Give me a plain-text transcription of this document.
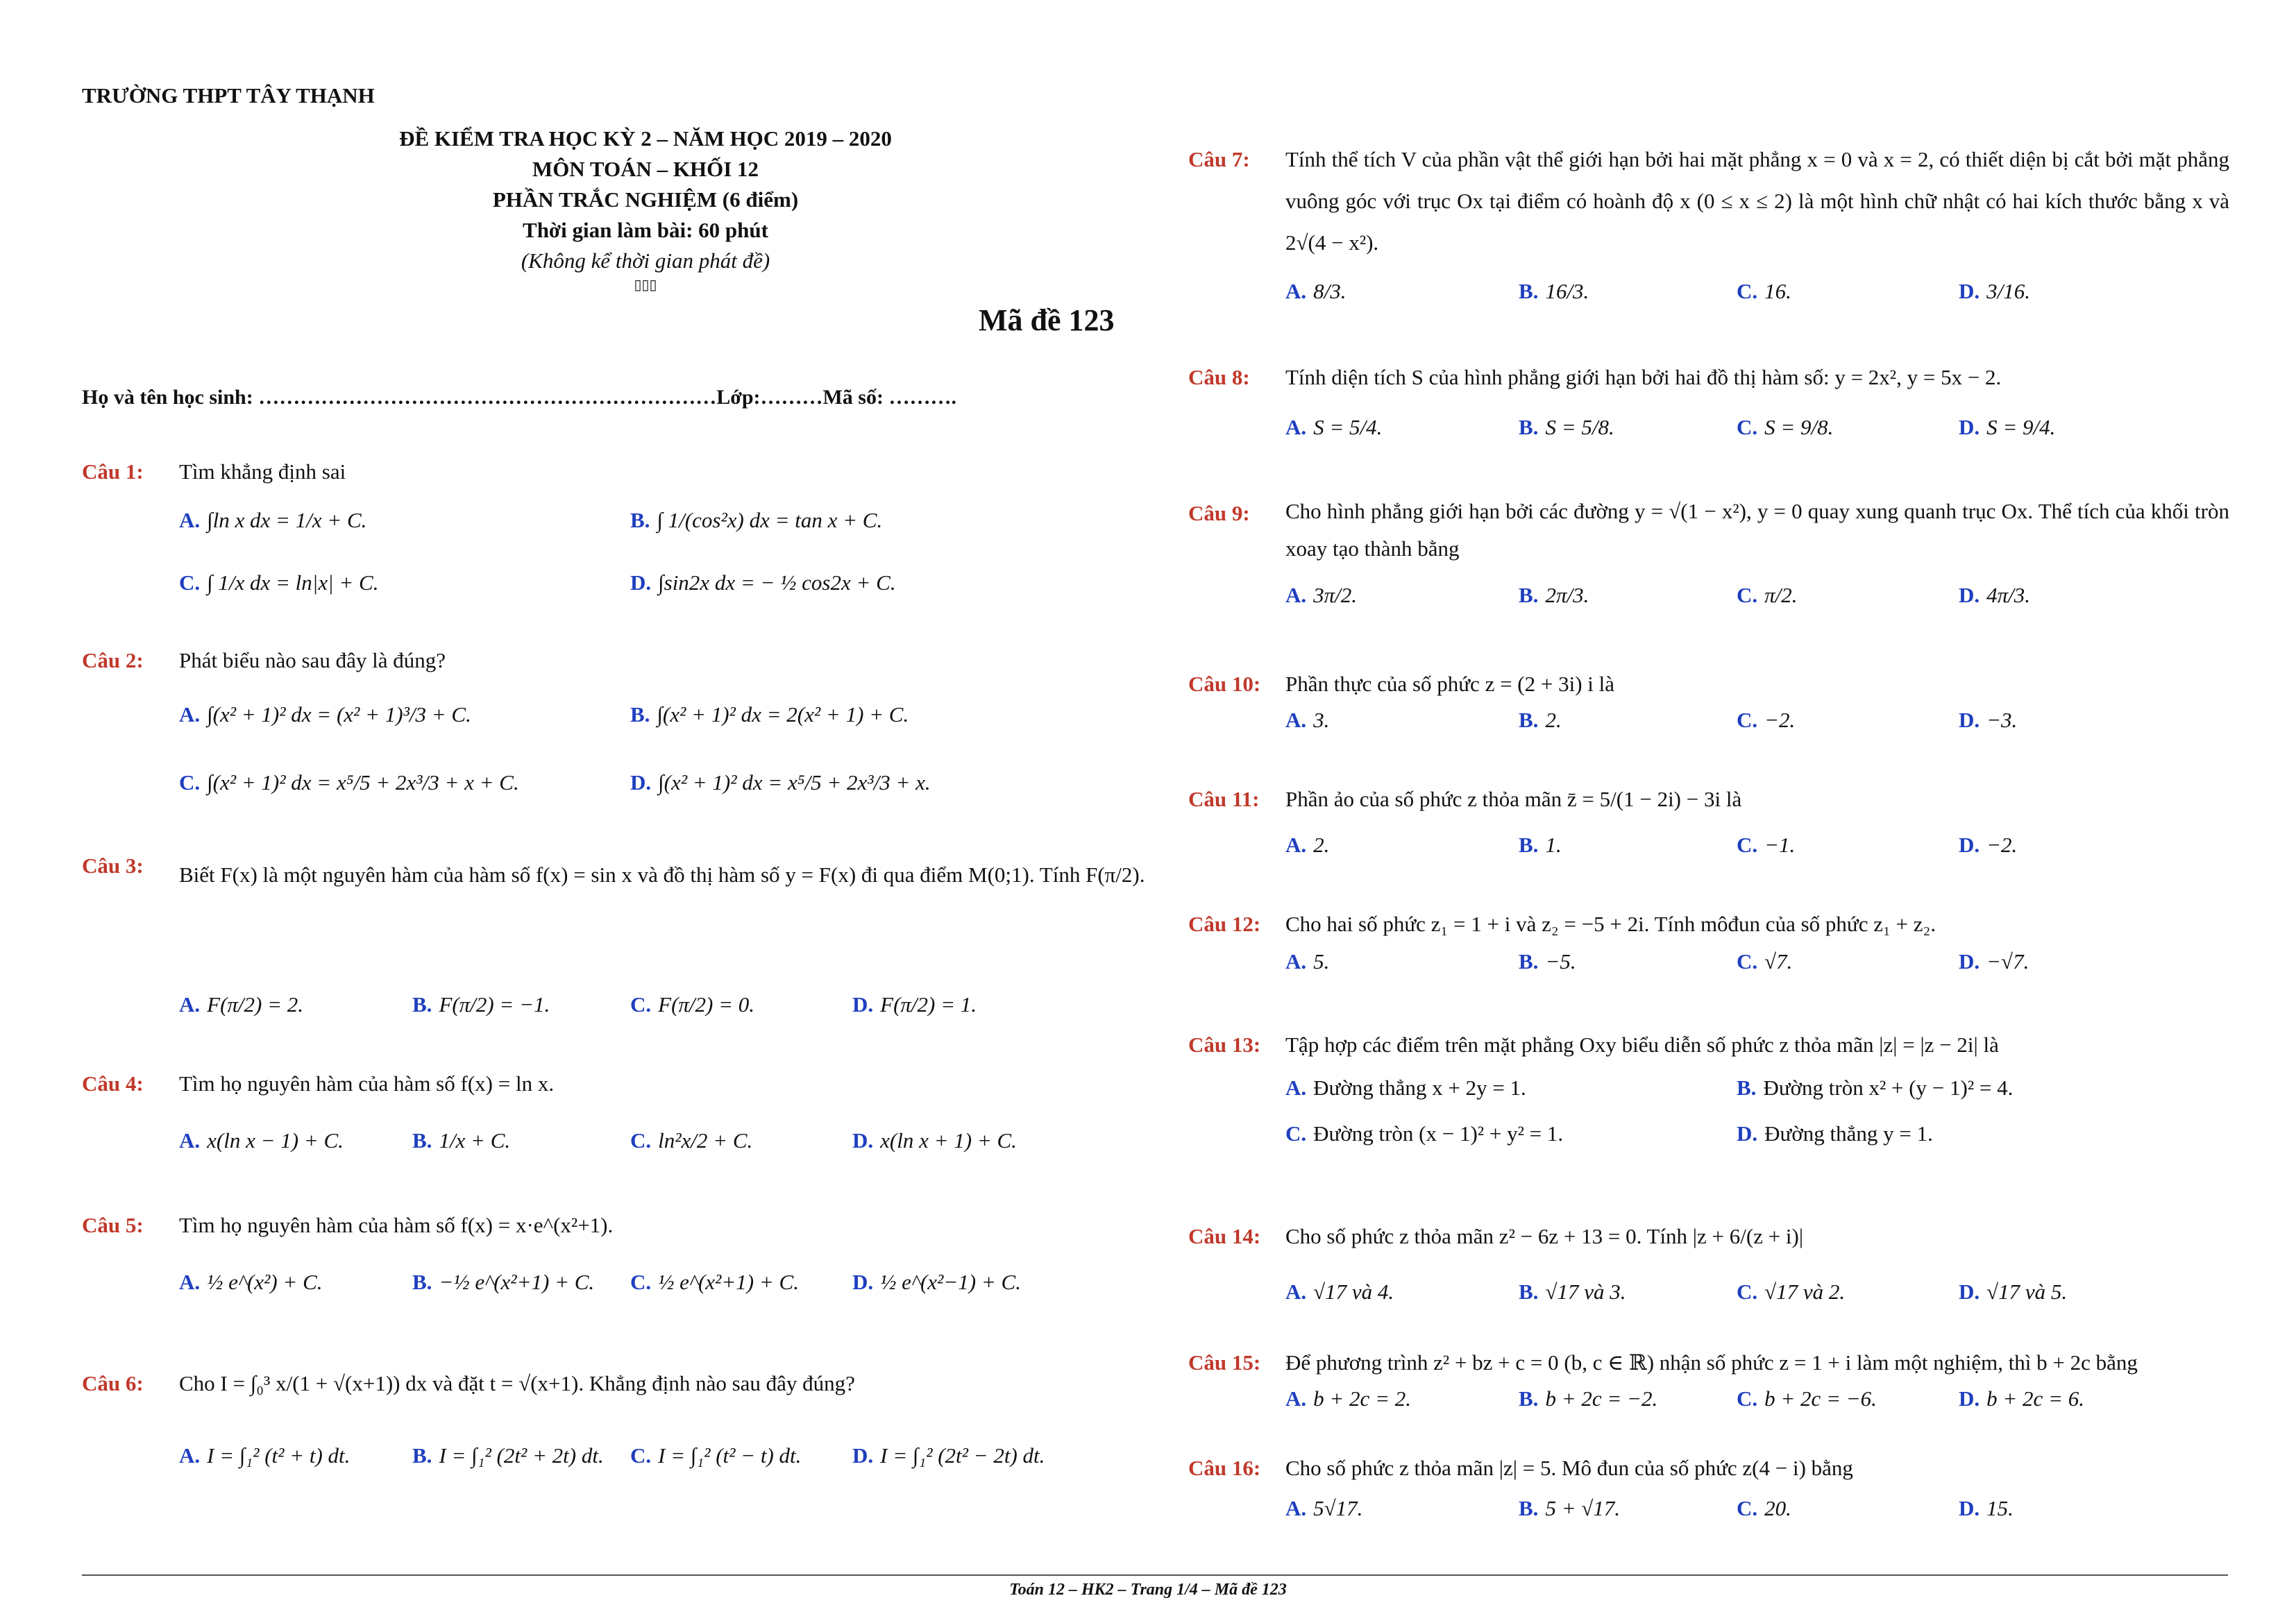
TRƯỜNG THPT TÂY THẠNH
ĐỀ KIỂM TRA HỌC KỲ 2 – NĂM HỌC 2019 – 2020
MÔN TOÁN – KHỐI 12
PHẦN TRẮC NGHIỆM (6 điểm)
Thời gian làm bài: 60 phút
(Không kể thời gian phát đề)
▯▯▯
Mã đề 123
Họ và tên học sinh: …………………………………………………………Lớp:………Mã số: ……….
Câu 1: Tìm khẳng định sai
A. ∫ln x dx = 1/x + C.	B. ∫ 1/(cos²x) dx = tan x + C.
C. ∫ 1/x dx = ln|x| + C.	D. ∫sin2x dx = − ½ cos2x + C.
Câu 2: Phát biểu nào sau đây là đúng?
A. ∫(x² + 1)² dx = (x² + 1)³/3 + C.	B. ∫(x² + 1)² dx = 2(x² + 1) + C.
C. ∫(x² + 1)² dx = x⁵/5 + 2x³/3 + x + C.	D. ∫(x² + 1)² dx = x⁵/5 + 2x³/3 + x.
Câu 3: Biết F(x) là một nguyên hàm của hàm số f(x) = sin x và đồ thị hàm số y = F(x) đi qua điểm M(0;1). Tính F(π/2).
A. F(π/2) = 2.	B. F(π/2) = −1.	C. F(π/2) = 0.	D. F(π/2) = 1.
Câu 4: Tìm họ nguyên hàm của hàm số f(x) = ln x.
A. x(ln x − 1) + C.	B. 1/x + C.	C. ln²x/2 + C.	D. x(ln x + 1) + C.
Câu 5: Tìm họ nguyên hàm của hàm số f(x) = x·e^(x²+1).
A. ½ e^(x²) + C.	B. −½ e^(x²+1) + C. C. ½ e^(x²+1) + C. D. ½ e^(x²−1) + C.
Câu 6: Cho I = ∫₀³ x/(1 + √(x+1)) dx và đặt t = √(x+1). Khẳng định nào sau đây đúng?
A. I = ∫₁² (t² + t) dt.	B. I = ∫₁² (2t² + 2t) dt. C. I = ∫₁² (t² − t) dt. D. I = ∫₁² (2t² − 2t) dt.
Câu 7: Tính thể tích V của phần vật thể giới hạn bởi hai mặt phẳng x = 0 và x = 2, có thiết diện bị cắt bởi mặt phẳng vuông góc với trục Ox tại điểm có hoành độ x (0 ≤ x ≤ 2) là một hình chữ nhật có hai kích thước bằng x và 2√(4 − x²).
A. 8/3.	B. 16/3.	C. 16.	D. 3/16.
Câu 8: Tính diện tích S của hình phẳng giới hạn bởi hai đồ thị hàm số: y = 2x², y = 5x − 2.
A. S = 5/4.	B. S = 5/8.	C. S = 9/8.	D. S = 9/4.
Câu 9: Cho hình phẳng giới hạn bởi các đường y = √(1 − x²), y = 0 quay xung quanh trục Ox. Thể tích của khối tròn xoay tạo thành bằng
A. 3π/2.	B. 2π/3.	C. π/2.	D. 4π/3.
Câu 10: Phần thực của số phức z = (2 + 3i) i là
A. 3.	B. 2.	C. −2.	D. −3.
Câu 11: Phần ảo của số phức z thỏa mãn z̄ = 5/(1 − 2i) − 3i là
A. 2.	B. 1.	C. −1.	D. −2.
Câu 12: Cho hai số phức z₁ = 1 + i và z₂ = −5 + 2i. Tính môđun của số phức z₁ + z₂.
A. 5.	B. −5.	C. √7.	D. −√7.
Câu 13: Tập hợp các điểm trên mặt phẳng Oxy biểu diễn số phức z thỏa mãn |z| = |z − 2i| là
A. Đường thẳng x + 2y = 1.	B. Đường tròn x² + (y − 1)² = 4.
C. Đường tròn (x − 1)² + y² = 1.	D. Đường thẳng y = 1.
Câu 14: Cho số phức z thỏa mãn z² − 6z + 13 = 0. Tính |z + 6/(z + i)|
A. √17 và 4.	B. √17 và 3.	C. √17 và 2.	D. √17 và 5.
Câu 15: Để phương trình z² + bz + c = 0 (b, c ∈ ℝ) nhận số phức z = 1 + i làm một nghiệm, thì b + 2c bằng
A. b + 2c = 2.	B. b + 2c = −2.	C. b + 2c = −6.	D. b + 2c = 6.
Câu 16: Cho số phức z thỏa mãn |z| = 5. Mô đun của số phức z(4 − i) bằng
A. 5√17.	B. 5 + √17.	C. 20.	D. 15.
Toán 12 – HK2 – Trang 1/4 – Mã đề 123
